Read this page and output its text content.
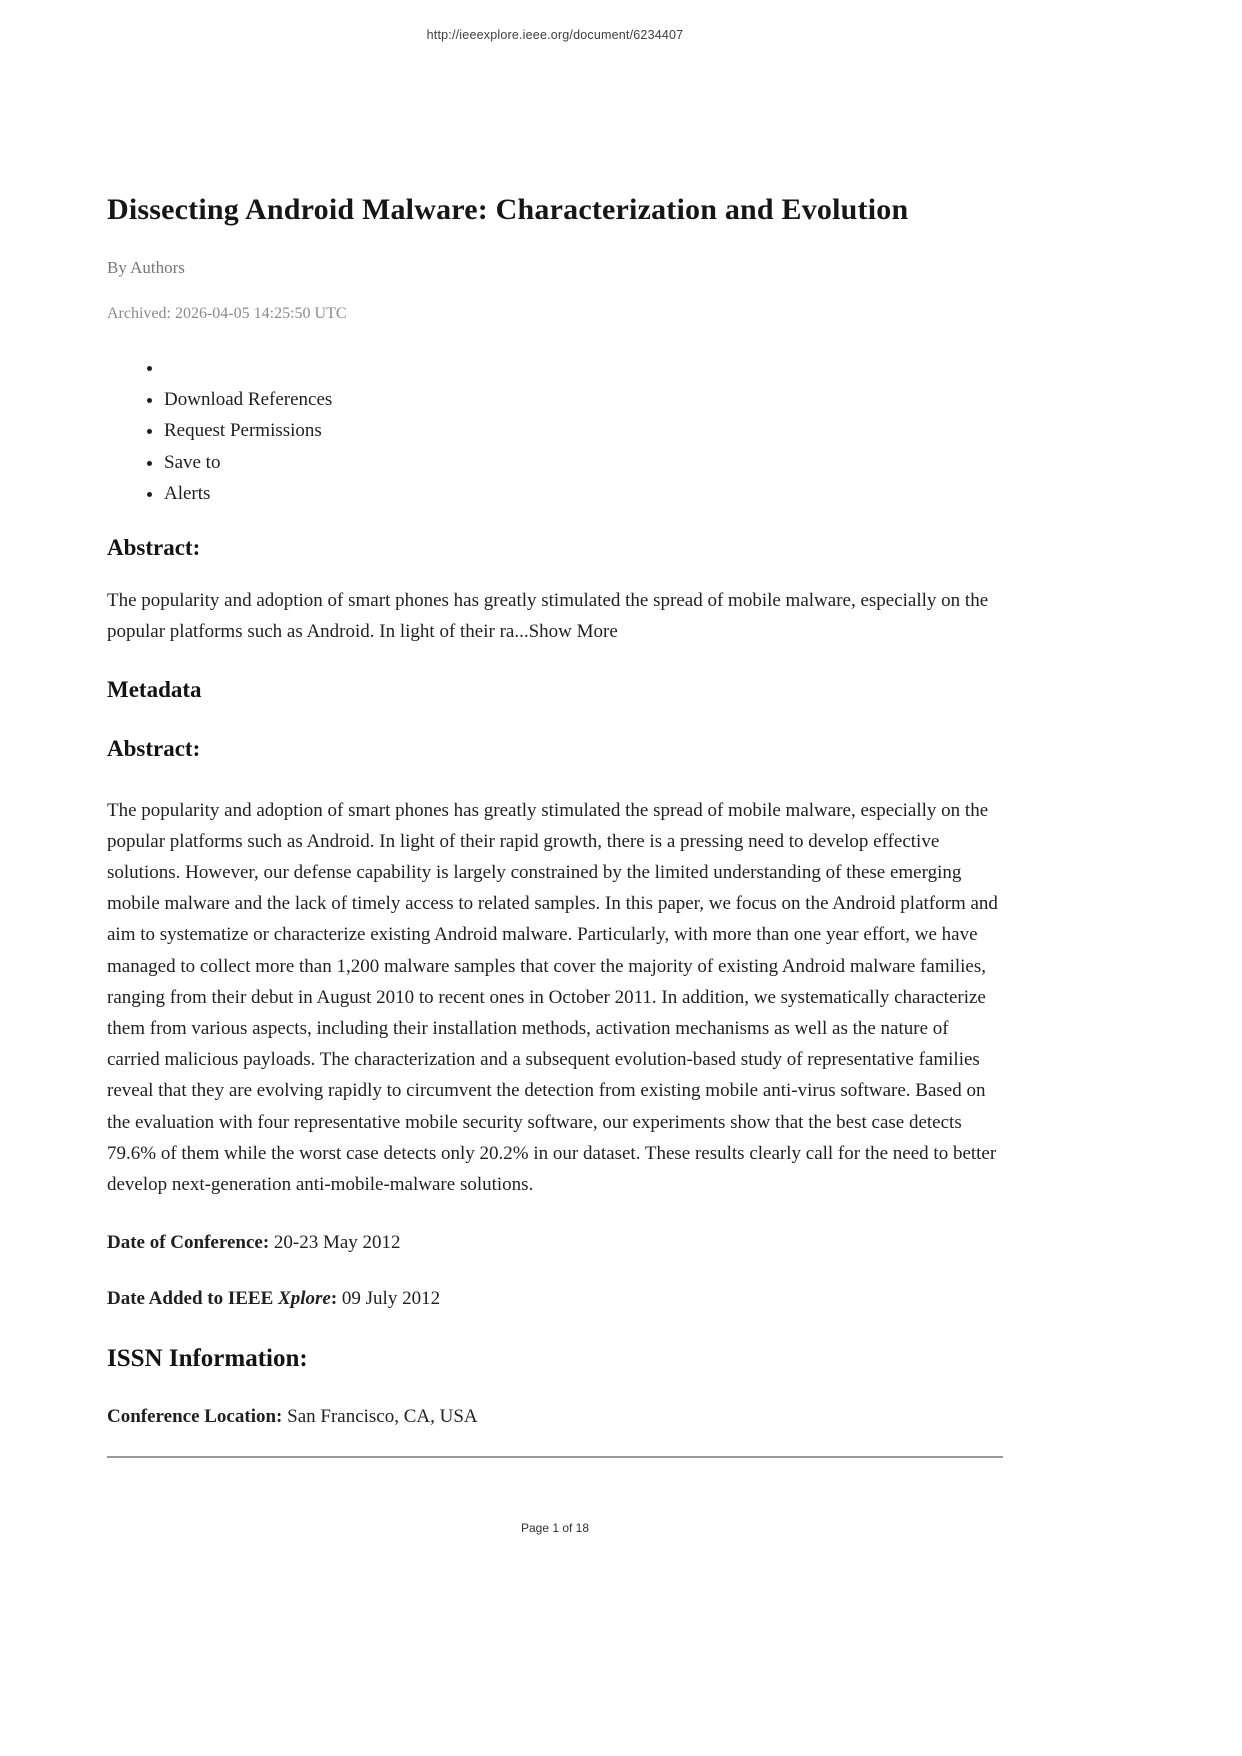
http://ieeexplore.ieee.org/document/6234407
Dissecting Android Malware: Characterization and Evolution
By Authors
Archived: 2026-04-05 14:25:50 UTC
•
• Download References
• Request Permissions
• Save to
• Alerts
Abstract:

The popularity and adoption of smart phones has greatly stimulated the spread of mobile malware, especially on the popular platforms such as Android. In light of their ra...Show More

Metadata
Abstract:

The popularity and adoption of smart phones has greatly stimulated the spread of mobile malware, especially on the popular platforms such as Android. In light of their rapid growth, there is a pressing need to develop effective solutions. However, our defense capability is largely constrained by the limited understanding of these emerging mobile malware and the lack of timely access to related samples. In this paper, we focus on the Android platform and aim to systematize or characterize existing Android malware. Particularly, with more than one year effort, we have managed to collect more than 1,200 malware samples that cover the majority of existing Android malware families, ranging from their debut in August 2010 to recent ones in October 2011. In addition, we systematically characterize them from various aspects, including their installation methods, activation mechanisms as well as the nature of carried malicious payloads. The characterization and a subsequent evolution-based study of representative families reveal that they are evolving rapidly to circumvent the detection from existing mobile anti-virus software. Based on the evaluation with four representative mobile security software, our experiments show that the best case detects 79.6% of them while the worst case detects only 20.2% in our dataset. These results clearly call for the need to better develop next-generation anti-mobile-malware solutions.

Date of Conference: 20-23 May 2012

Date Added to IEEE Xplore: 09 July 2012

ISSN Information:

Conference Location: San Francisco, CA, USA

Page 1 of 18
